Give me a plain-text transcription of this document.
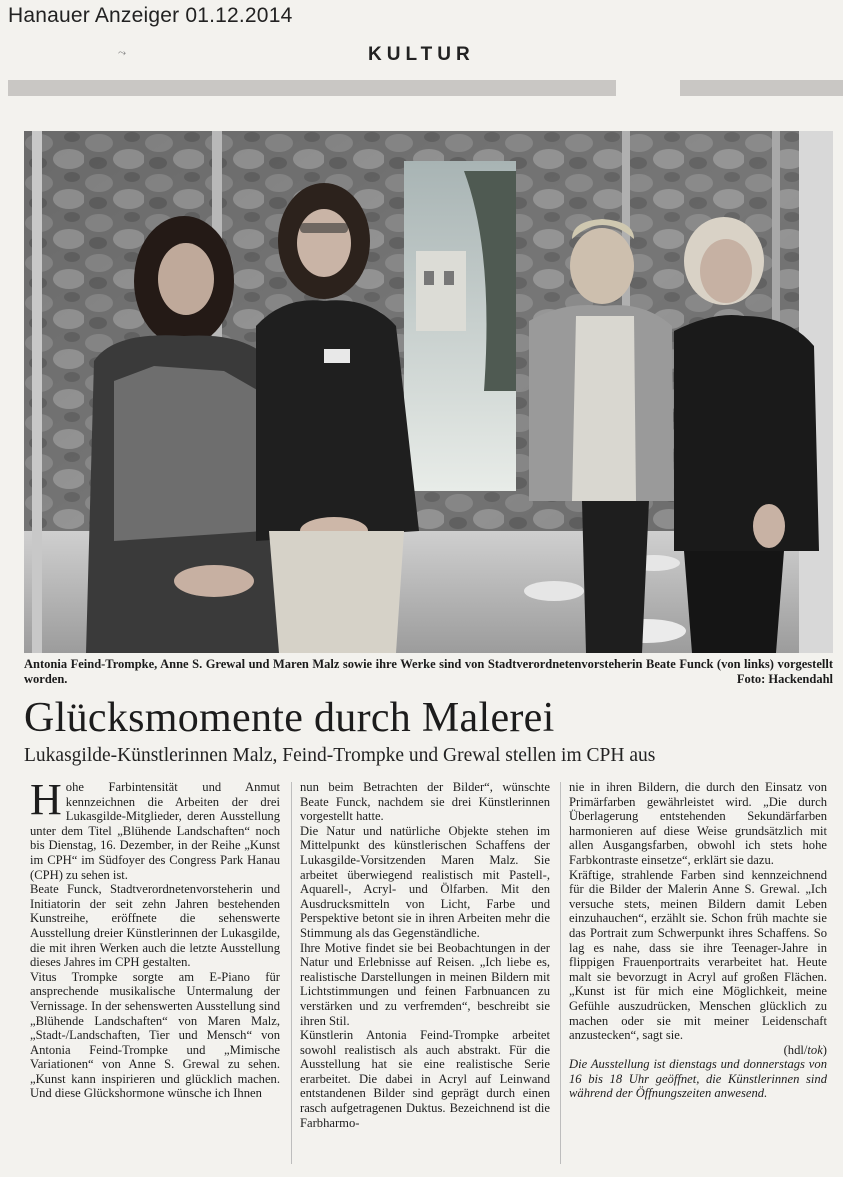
Hanauer Anzeiger 01.12.2014
⤳	KULTUR
Antonia Feind-Trompke, Anne S. Grewal und Maren Malz sowie ihre Werke sind von Stadtverordnetenvorsteherin Beate Funck (von links) vorgestellt worden.	Foto: Hackendahl
Glücksmomente durch Malerei
Lukasgilde-Künstlerinnen Malz, Feind-Trompke und Grewal stellen im CPH aus

Hohe Farbintensität und Anmut kennzeichnen die Arbeiten der drei Lukasgilde-Mitglieder, deren Ausstellung unter dem Titel „Blühende Landschaften“ noch bis Dienstag, 16. Dezember, in der Reihe „Kunst im CPH“ im Südfoyer des Congress Park Hanau (CPH) zu sehen ist.

Beate Funck, Stadtverordnetenvorsteherin und Initiatorin der seit zehn Jahren bestehenden Kunstreihe, eröffnete die sehenswerte Ausstellung dreier Künstlerinnen der Lukasgilde, die mit ihren Werken auch die letzte Ausstellung dieses Jahres im CPH gestalten.

Vitus Trompke sorgte am E-Piano für ansprechende musikalische Untermalung der Vernissage. In der sehenswerten Ausstellung sind „Blühende Landschaften“ von Maren Malz, „Stadt-/Landschaften, Tier und Mensch“ von Antonia Feind-Trompke und „Mimische Variationen“ von Anne S. Grewal zu sehen. „Kunst kann inspirieren und glücklich machen. Und diese Glückshormone wünsche ich Ihnen

nun beim Betrachten der Bilder“, wünschte Beate Funck, nachdem sie drei Künstlerinnen vorgestellt hatte.

Die Natur und natürliche Objekte stehen im Mittelpunkt des künstlerischen Schaffens der Lukasgilde-Vorsitzenden Maren Malz. Sie arbeitet überwiegend realistisch mit Pastell-, Aquarell-, Acryl- und Ölfarben. Mit den Ausdrucksmitteln von Licht, Farbe und Perspektive betont sie in ihren Arbeiten mehr die Stimmung als das Gegenständliche.

Ihre Motive findet sie bei Beobachtungen in der Natur und Erlebnisse auf Reisen. „Ich liebe es, realistische Darstellungen in meinen Bildern mit Lichtstimmungen und feinen Farbnuancen zu verstärken und zu verfremden“, beschreibt sie ihren Stil.

Künstlerin Antonia Feind-Trompke arbeitet sowohl realistisch als auch abstrakt. Für die Ausstellung hat sie eine realistische Serie erarbeitet. Die dabei in Acryl auf Leinwand entstandenen Bilder sind geprägt durch einen rasch aufgetragenen Duktus. Bezeichnend ist die Farbharmo-

nie in ihren Bildern, die durch den Einsatz von Primärfarben gewährleistet wird. „Die durch Überlagerung entstehenden Sekundärfarben harmonieren auf diese Weise grundsätzlich mit allen Ausgangsfarben, obwohl ich stets hohe Farbkontraste einsetze“, erklärt sie dazu.

Kräftige, strahlende Farben sind kennzeichnend für die Bilder der Malerin Anne S. Grewal. „Ich versuche stets, meinen Bildern damit Leben einzuhauchen“, erzählt sie. Schon früh machte sie das Portrait zum Schwerpunkt ihres Schaffens. So lag es nahe, dass sie ihre Teenager-Jahre in flippigen Frauenportraits verarbeitet hat. Heute malt sie bevorzugt in Acryl auf großen Flächen. „Kunst ist für mich eine Möglichkeit, meine Gefühle auszudrücken, Menschen glücklich zu machen oder sie mit meiner Leidenschaft anzustecken“, sagt sie.

(hdl/tok)

Die Ausstellung ist dienstags und donnerstags von 16 bis 18 Uhr geöffnet, die Künstlerinnen sind während der Öffnungszeiten anwesend.
